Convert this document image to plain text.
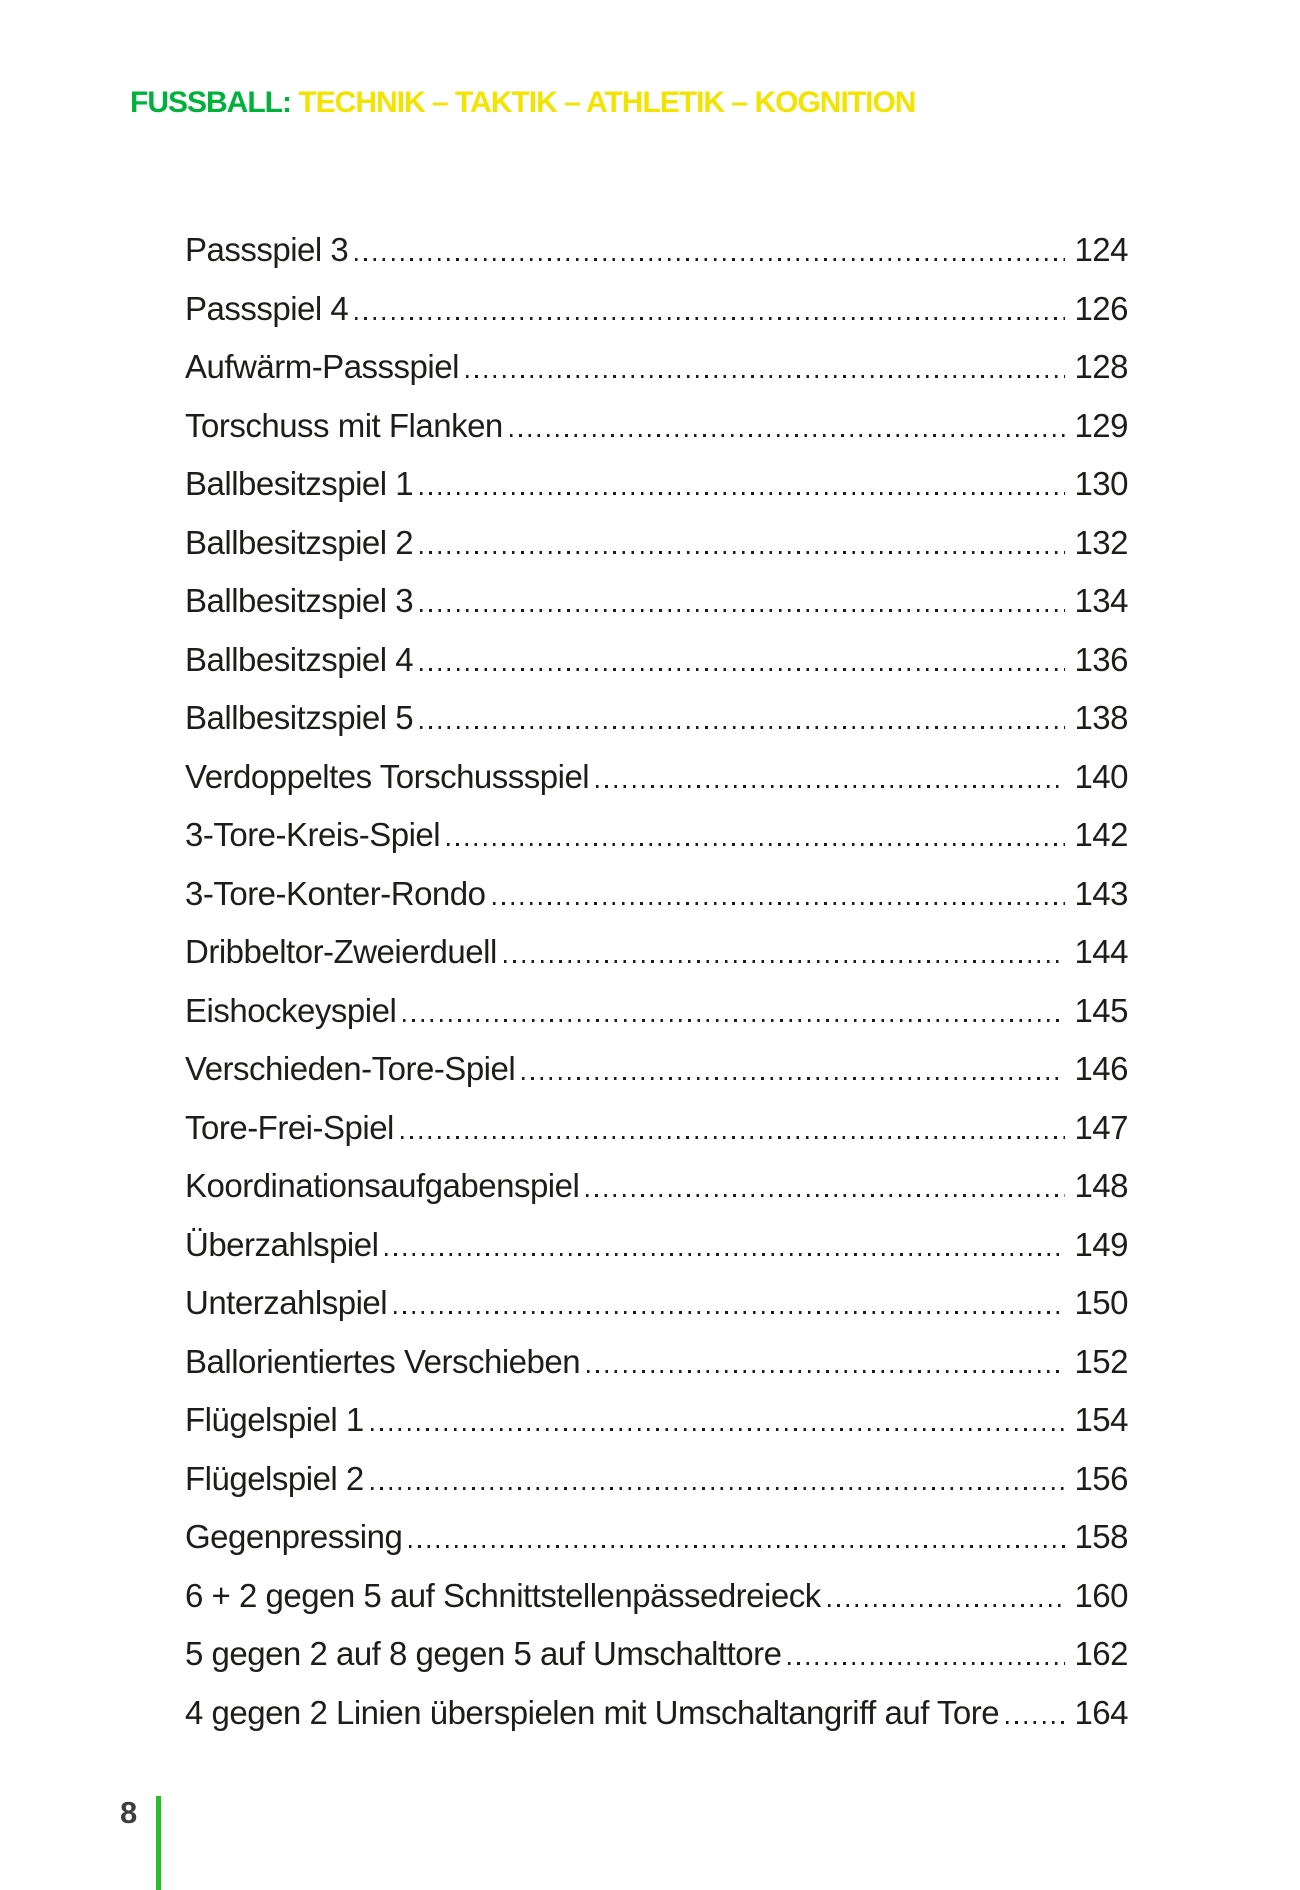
FUSSBALL: TECHNIK – TAKTIK – ATHLETIK – KOGNITION
Passspiel 3	124
Passspiel 4	126
Aufwärm-Passspiel	128
Torschuss mit Flanken	129
Ballbesitzspiel 1	130
Ballbesitzspiel 2	132
Ballbesitzspiel 3	134
Ballbesitzspiel 4	136
Ballbesitzspiel 5	138
Verdoppeltes Torschussspiel	140
3-Tore-Kreis-Spiel	142
3-Tore-Konter-Rondo	143
Dribbeltor-Zweierduell	144
Eishockeyspiel	145
Verschieden-Tore-Spiel	146
Tore-Frei-Spiel	147
Koordinationsaufgabenspiel	148
Überzahlspiel	149
Unterzahlspiel	150
Ballorientiertes Verschieben	152
Flügelspiel 1	154
Flügelspiel 2	156
Gegenpressing	158
6 + 2 gegen 5 auf Schnittstellenpässedreieck	160
5 gegen 2 auf 8 gegen 5 auf Umschalttore	162
4 gegen 2 Linien überspielen mit Umschaltangriff auf Tore 164
8
